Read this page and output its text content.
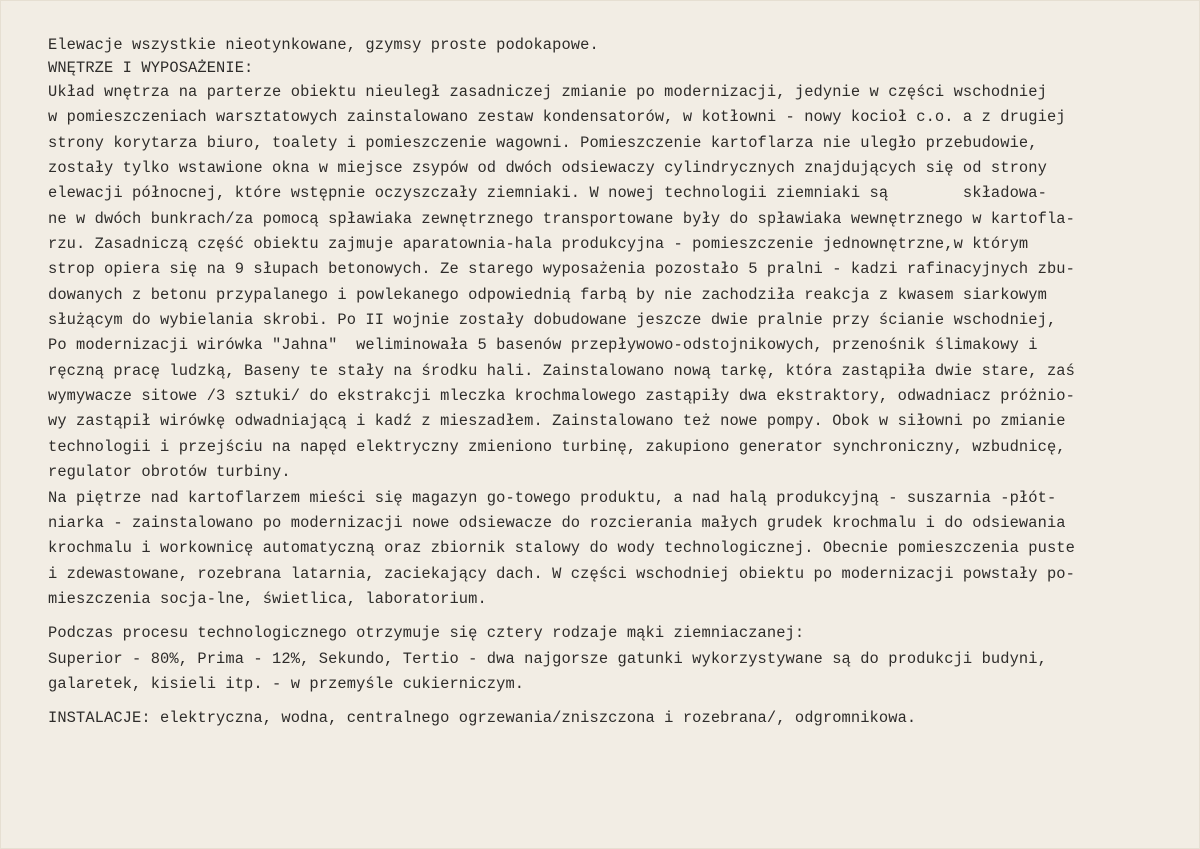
Elewacje wszystkie nieotynkowane, gzymsy proste podokapowe.
WNĘTRZE I WYPOSAŻENIE:
Układ wnętrza na parterze obiektu nieuległ zasadniczej zmianie po modernizacji, jedynie w części wschodniej
w pomieszczeniach warsztatowych zainstalowano zestaw kondensatorów, w kotłowni - nowy kocioł c.o. a z drugiej
strony korytarza biuro, toalety i pomieszczenie wagowni. Pomieszczenie kartoflarza nie uległo przebudowie,
zostały tylko wstawione okna w miejsce zsypów od dwóch odsiewaczy cylindrycznych znajdujących się od strony
elewacji północnej, które wstępnie oczyszczały ziemniaki. W nowej technologii ziemniaki są        składowa-
ne w dwóch bunkrach/za pomocą spławiaka zewnętrznego transportowane były do spławiaka wewnętrznego w kartofla-
rzu. Zasadniczą część obiektu zajmuje aparatownia-hala produkcyjna - pomieszczenie jednownętrzne,w którym
strop opiera się na 9 słupach betonowych. Ze starego wyposażenia pozostało 5 pralni - kadzi rafinacyjnych zbu-
dowanych z betonu przypalanego i powlekanego odpowiednią farbą by nie zachodziła reakcja z kwasem siarkowym
służącym do wybielania skrobi. Po II wojnie zostały dobudowane jeszcze dwie pralnie przy ścianie wschodniej,
Po modernizacji wirówka "Jahna"  weliminowała 5 basenów przepływowo-odstojnikowych, przenośnik ślimakowy i
ręczną pracę ludzką, Baseny te stały na środku hali. Zainstalowano nową tarkę, która zastąpiła dwie stare, zaś
wymywacze sitowe /3 sztuki/ do ekstrakcji mleczka krochmalowego zastąpiły dwa ekstraktory, odwadniacz próżnio-
wy zastąpił wirówkę odwadniającą i kadź z mieszadłem. Zainstalowano też nowe pompy. Obok w siłowni po zmianie
technologii i przejściu na napęd elektryczny zmieniono turbinę, zakupiono generator synchroniczny, wzbudnicę,
regulator obrotów turbiny.
Na piętrze nad kartoflarzem mieści się magazyn go-towego produktu, a nad halą produkcyjną - suszarnia -płót-
niarka - zainstalowano po modernizacji nowe odsiewacze do rozcierania małych grudek krochmalu i do odsiewania
krochmalu i workownicę automatyczną oraz zbiornik stalowy do wody technologicznej. Obecnie pomieszczenia puste
i zdewastowane, rozebrana latarnia, zaciekający dach. W części wschodniej obiektu po modernizacji powstały po-
mieszczenia socja-lne, świetlica, laboratorium.
Podczas procesu technologicznego otrzymuje się cztery rodzaje mąki ziemniaczanej:
Superior - 80%, Prima - 12%, Sekundo, Tertio - dwa najgorsze gatunki wykorzystywane są do produkcji budyni,
galaretek, kisieli itp. - w przemyśle cukierniczym.
INSTALACJE: elektryczna, wodna, centralnego ogrzewania/zniszczona i rozebrana/, odgromnikowa.
